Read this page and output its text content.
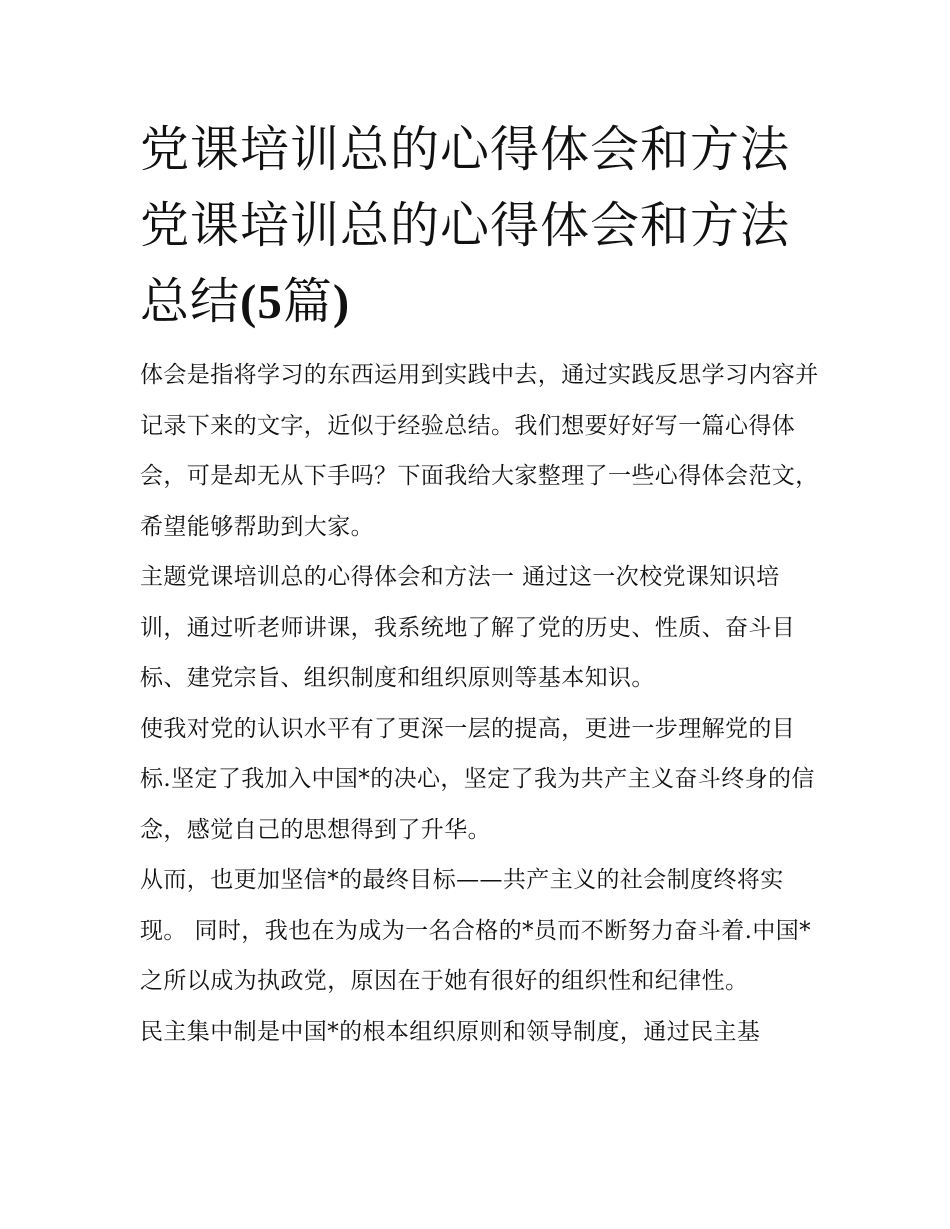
党课培训总的心得体会和方法党课培训总的心得体会和方法总结(5篇)

体会是指将学习的东西运用到实践中去，通过实践反思学习内容并记录下来的文字，近似于经验总结。我们想要好好写一篇心得体会，可是却无从下手吗？下面我给大家整理了一些心得体会范文，希望能够帮助到大家。

主题党课培训总的心得体会和方法一 通过这一次校党课知识培训，通过听老师讲课，我系统地了解了党的历史、性质、奋斗目标、建党宗旨、组织制度和组织原则等基本知识。

使我对党的认识水平有了更深一层的提高，更进一步理解党的目标.坚定了我加入中国*的决心，坚定了我为共产主义奋斗终身的信念，感觉自己的思想得到了升华。

从而，也更加坚信*的最终目标——共产主义的社会制度终将实现。 同时，我也在为成为一名合格的*员而不断努力奋斗着.中国*之所以成为执政党，原因在于她有很好的组织性和纪律性。

民主集中制是中国*的根本组织原则和领导制度，通过民主基
